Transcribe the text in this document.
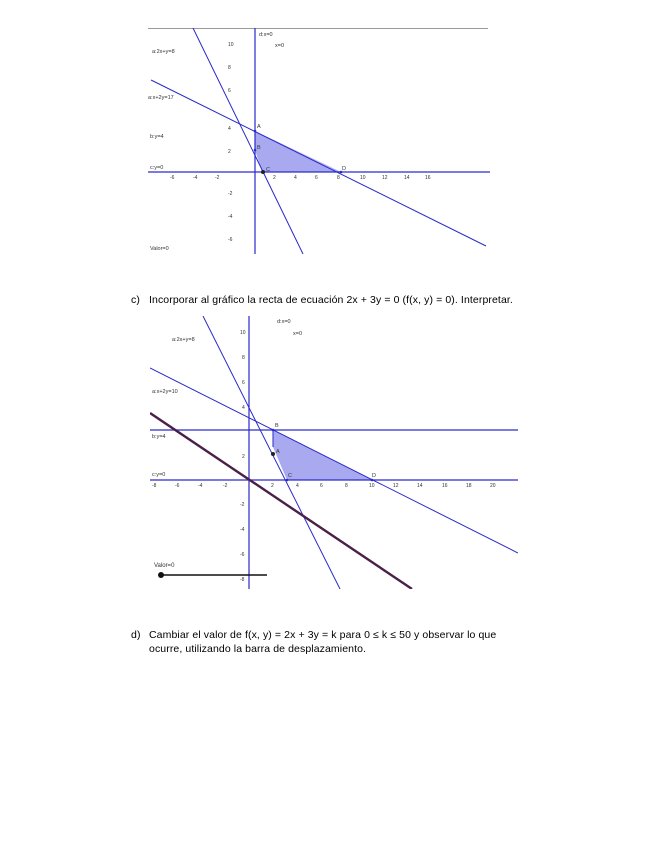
-6	-4	-2	2	4	6	8	10	12	14	16
10
8
6
4
2
-2
-4
-6
a:2x+y=8
a:x+2y=17
b:y=4
c:y=0
d:x=0
x=0
Valor=0
A
B
C	D
c) Incorporar al gráfico la recta de ecuación 2x + 3y = 0 (f(x, y) = 0). Interpretar.
-8	-6	-4	-2	2	4	6	8	10	12	14	16	18	20
10
8
6
4
2
-2
-4
-6
-8
a:2x+y=8
a:x+2y=10
b:y=4
c:y=0
d:x=0
x=0
B
A
C	D
Valor=0
d) Cambiar el valor de f(x, y) = 2x + 3y = k para 0 ≤ k ≤ 50 y observar lo que
ocurre, utilizando la barra de desplazamiento.
